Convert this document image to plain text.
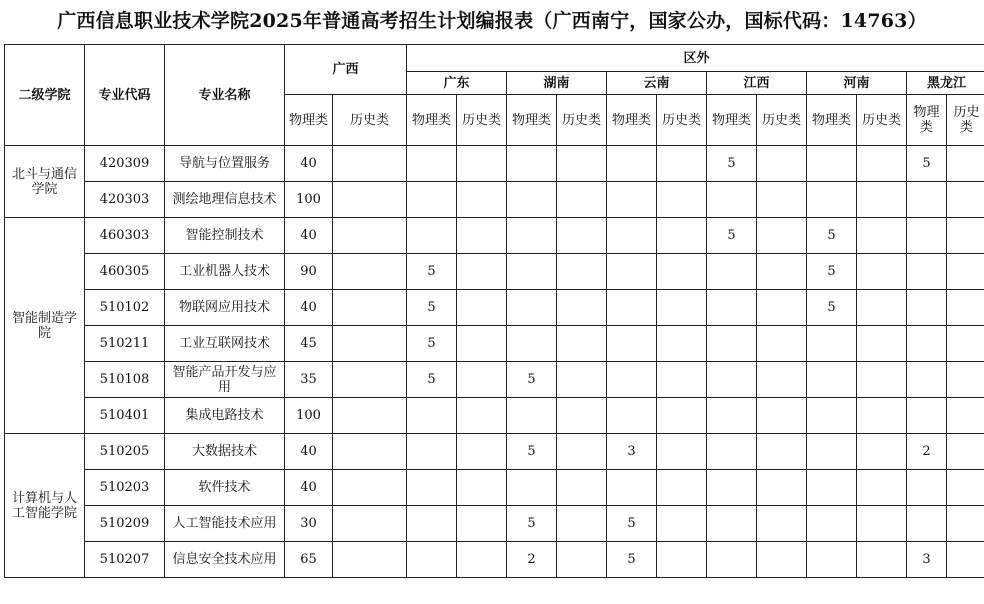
广西信息职业技术学院2025年普通高考招生计划编报表（广西南宁，国家公办，国标代码：14763）
二级学院	专业代码	专业名称	广西		区外											
					广东		湖南		云南		江西		河南		黑龙江	
			物理类	历史类	物理类	历史类	物理类	历史类	物理类	历史类	物理类	历史类	物理类	历史类	物理类	历史类
北斗与通信学院	420309	导航与位置服务	40								5				5	
	420303	测绘地理信息技术	100													
智能制造学院	460303	智能控制技术	40								5		5			
	460305	工业机器人技术	90		5								5			
	510102	物联网应用技术	40		5								5			
	510211	工业互联网技术	45		5											
	510108	智能产品开发与应用	35		5		5									
	510401	集成电路技术	100													
计算机与人工智能学院	510205	大数据技术	40				5		3						2	
	510203	软件技术	40													
	510209	人工智能技术应用	30				5		5							
	510207	信息安全技术应用	65				2		5						3	
